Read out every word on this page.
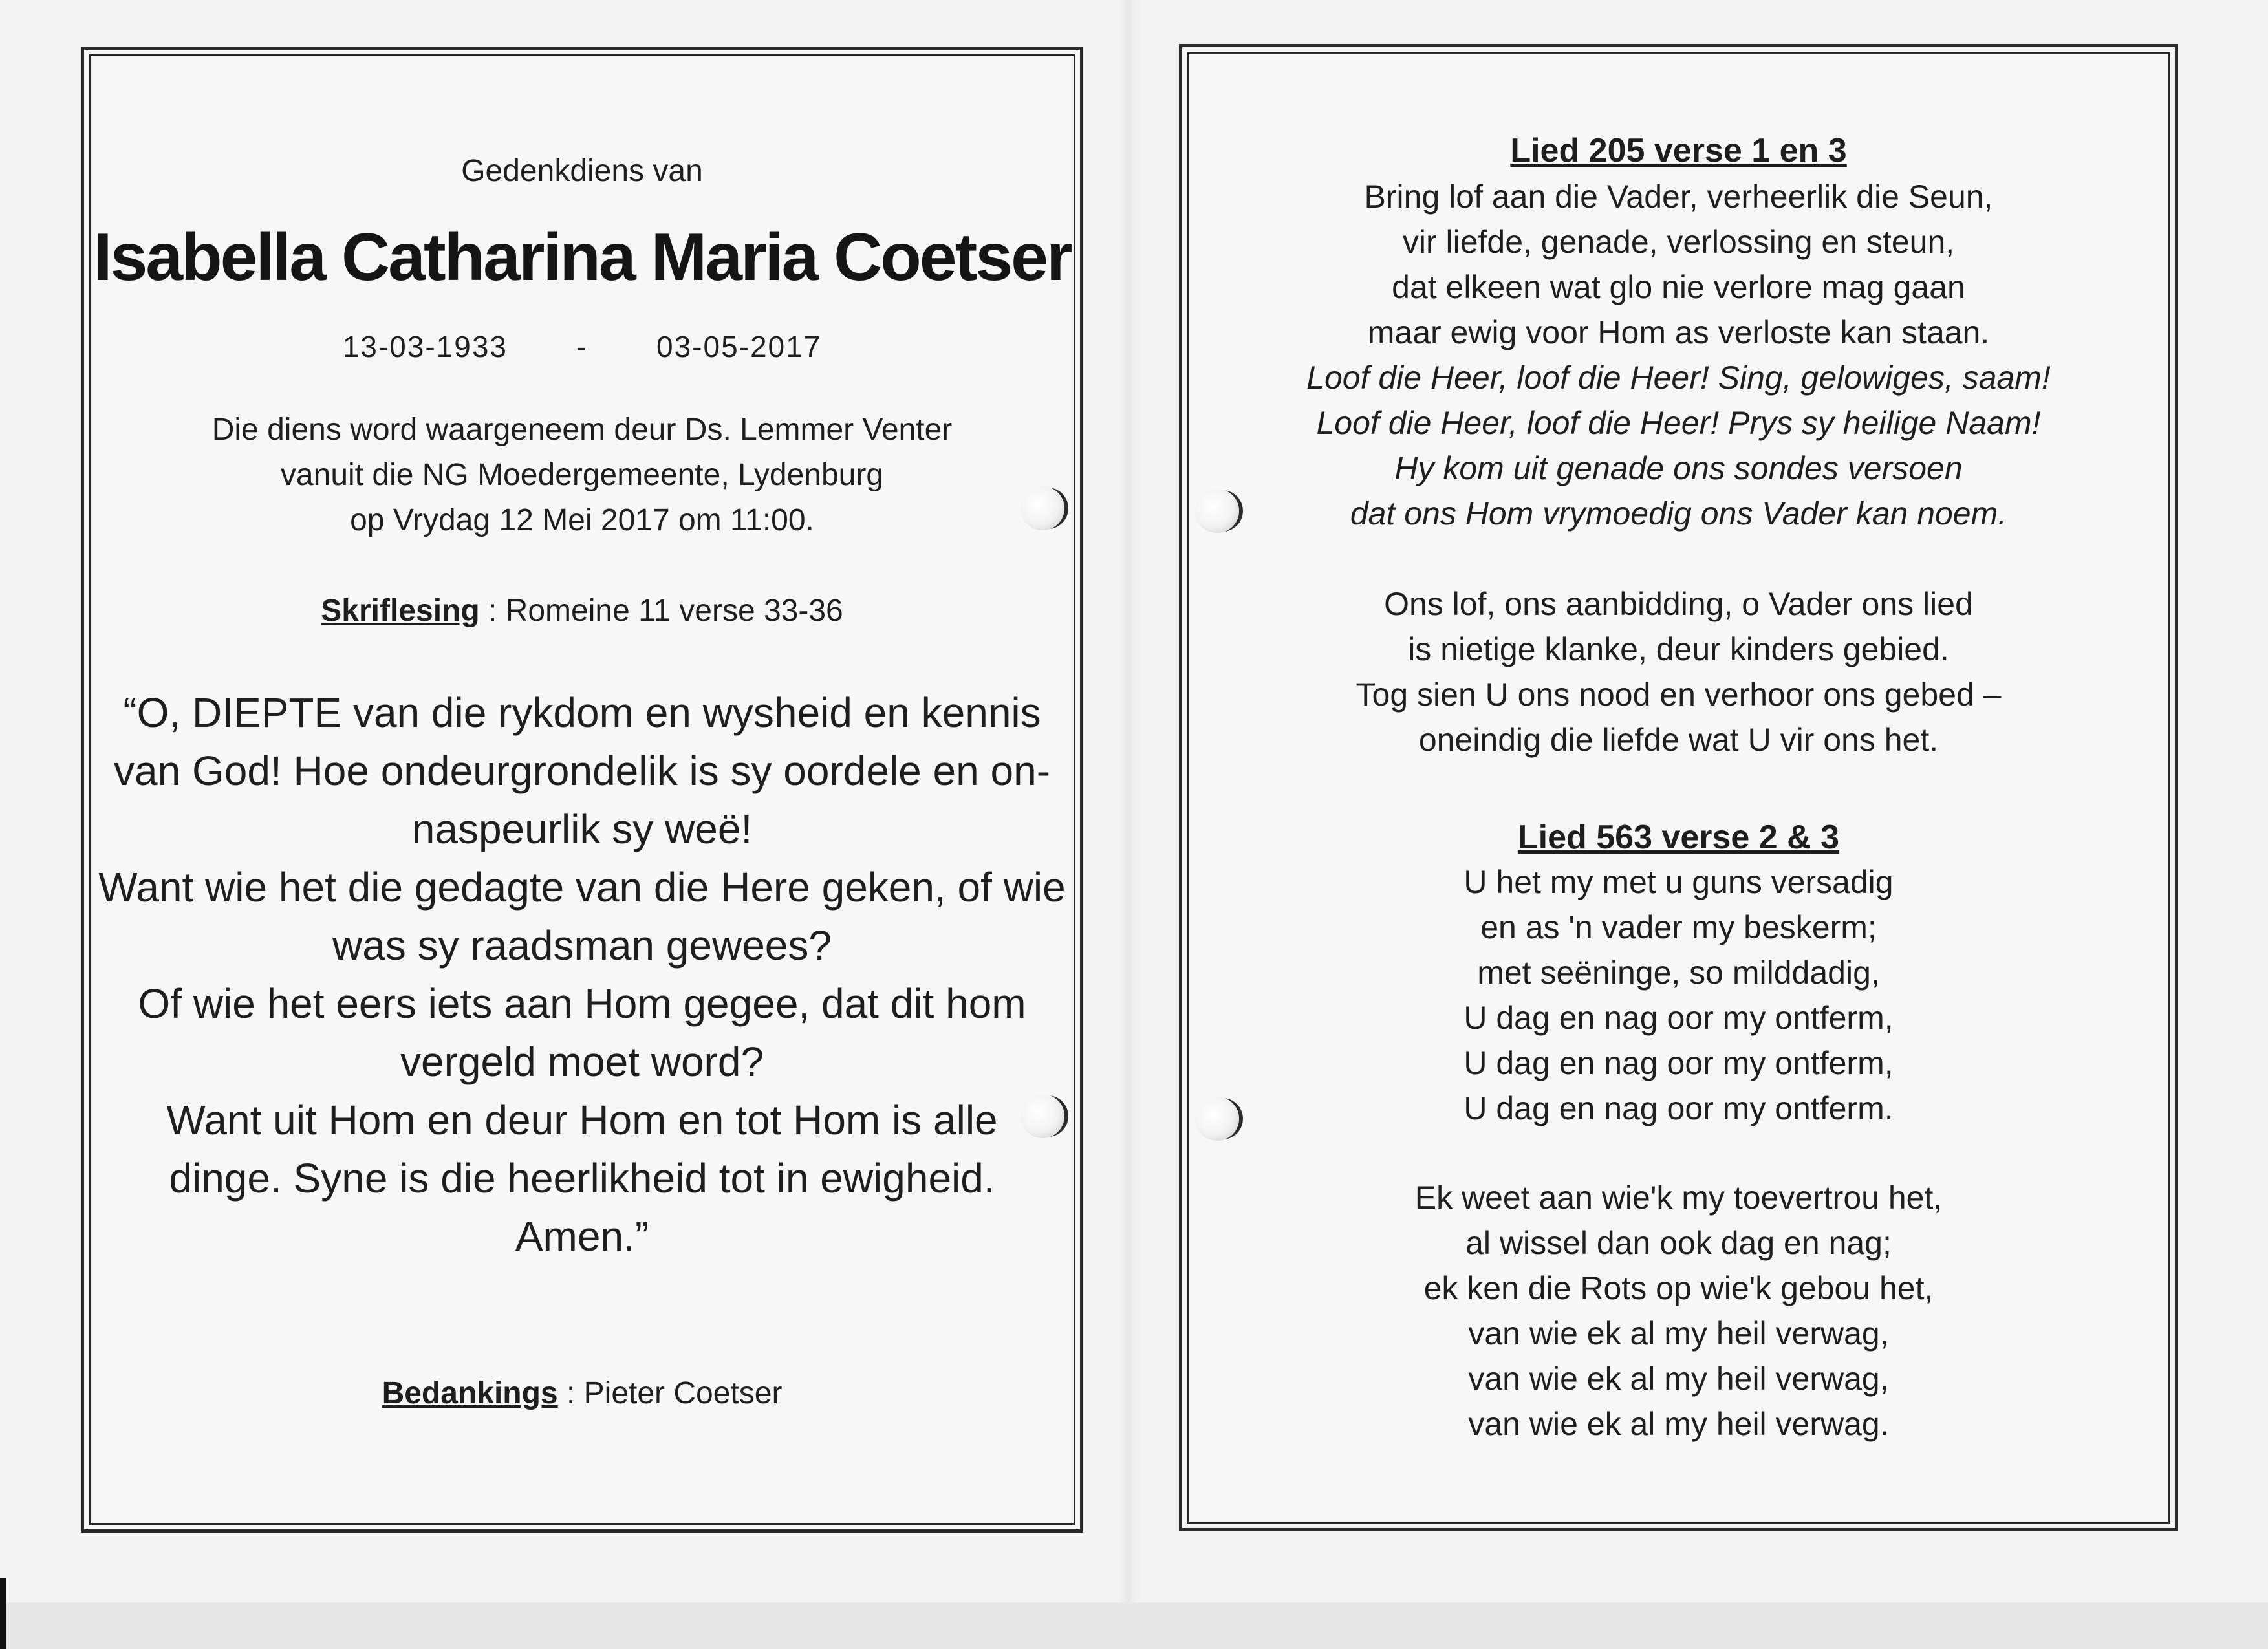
Gedenkdiens van
Isabella Catharina Maria Coetser
13-03-1933 - 03-05-2017
Die diens word waargeneem deur Ds. Lemmer Venter
vanuit die NG Moedergemeente, Lydenburg
op Vrydag 12 Mei 2017 om 11:00.
Skriflesing : Romeine 11 verse 33-36
“O, DIEPTE van die rykdom en wysheid en kennis
van God! Hoe ondeurgrondelik is sy oordele en on-
naspeurlik sy weë!
Want wie het die gedagte van die Here geken, of wie
was sy raadsman gewees?
Of wie het eers iets aan Hom gegee, dat dit hom
vergeld moet word?
Want uit Hom en deur Hom en tot Hom is alle
dinge. Syne is die heerlikheid tot in ewigheid.
Amen.”
Bedankings : Pieter Coetser
Lied 205 verse 1 en 3
Bring lof aan die Vader, verheerlik die Seun,
vir liefde, genade, verlossing en steun,
dat elkeen wat glo nie verlore mag gaan
maar ewig voor Hom as verloste kan staan.
Loof die Heer, loof die Heer! Sing, gelowiges, saam!
Loof die Heer, loof die Heer! Prys sy heilige Naam!
Hy kom uit genade ons sondes versoen
dat ons Hom vrymoedig ons Vader kan noem.
Ons lof, ons aanbidding, o Vader ons lied
is nietige klanke, deur kinders gebied.
Tog sien U ons nood en verhoor ons gebed –
oneindig die liefde wat U vir ons het.
Lied 563 verse 2 & 3
U het my met u guns versadig
en as 'n vader my beskerm;
met seëninge, so milddadig,
U dag en nag oor my ontferm,
U dag en nag oor my ontferm,
U dag en nag oor my ontferm.
Ek weet aan wie'k my toevertrou het,
al wissel dan ook dag en nag;
ek ken die Rots op wie'k gebou het,
van wie ek al my heil verwag,
van wie ek al my heil verwag,
van wie ek al my heil verwag.
